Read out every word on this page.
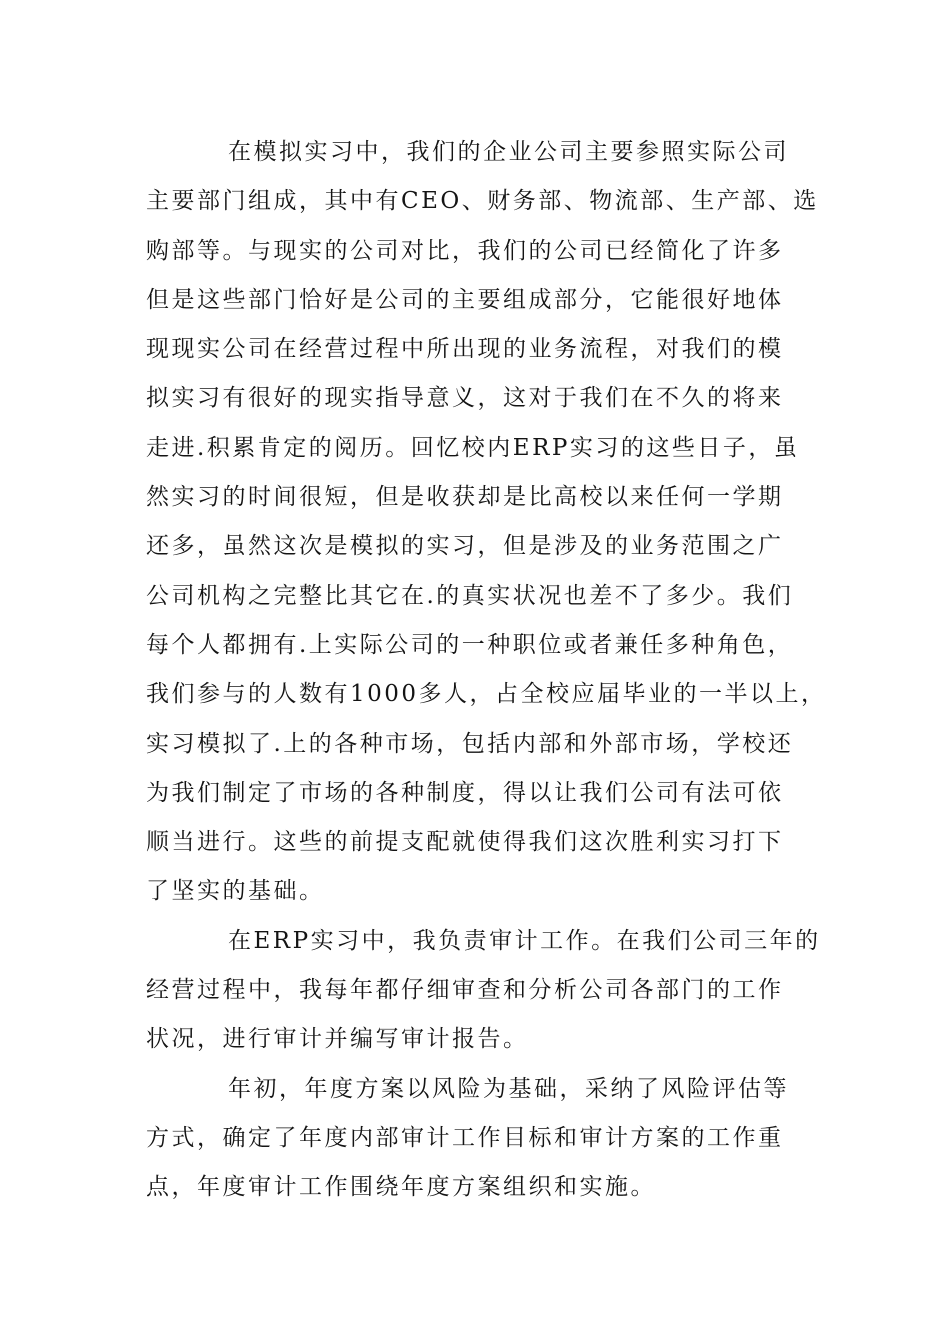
在模拟实习中，我们的企业公司主要参照实际公司
主要部门组成，其中有CEO、财务部、物流部、生产部、选
购部等。与现实的公司对比，我们的公司已经简化了许多
但是这些部门恰好是公司的主要组成部分，它能很好地体
现现实公司在经营过程中所出现的业务流程，对我们的模
拟实习有很好的现实指导意义，这对于我们在不久的将来
走进.积累肯定的阅历。回忆校内ERP实习的这些日子，虽
然实习的时间很短，但是收获却是比高校以来任何一学期
还多，虽然这次是模拟的实习，但是涉及的业务范围之广
公司机构之完整比其它在.的真实状况也差不了多少。我们
每个人都拥有.上实际公司的一种职位或者兼任多种角色，
我们参与的人数有1000多人，占全校应届毕业的一半以上，
实习模拟了.上的各种市场，包括内部和外部市场，学校还
为我们制定了市场的各种制度，得以让我们公司有法可依
顺当进行。这些的前提支配就使得我们这次胜利实习打下
了坚实的基础。
在ERP实习中，我负责审计工作。在我们公司三年的
经营过程中，我每年都仔细审查和分析公司各部门的工作
状况，进行审计并编写审计报告。
年初，年度方案以风险为基础，采纳了风险评估等
方式，确定了年度内部审计工作目标和审计方案的工作重
点，年度审计工作围绕年度方案组织和实施。
